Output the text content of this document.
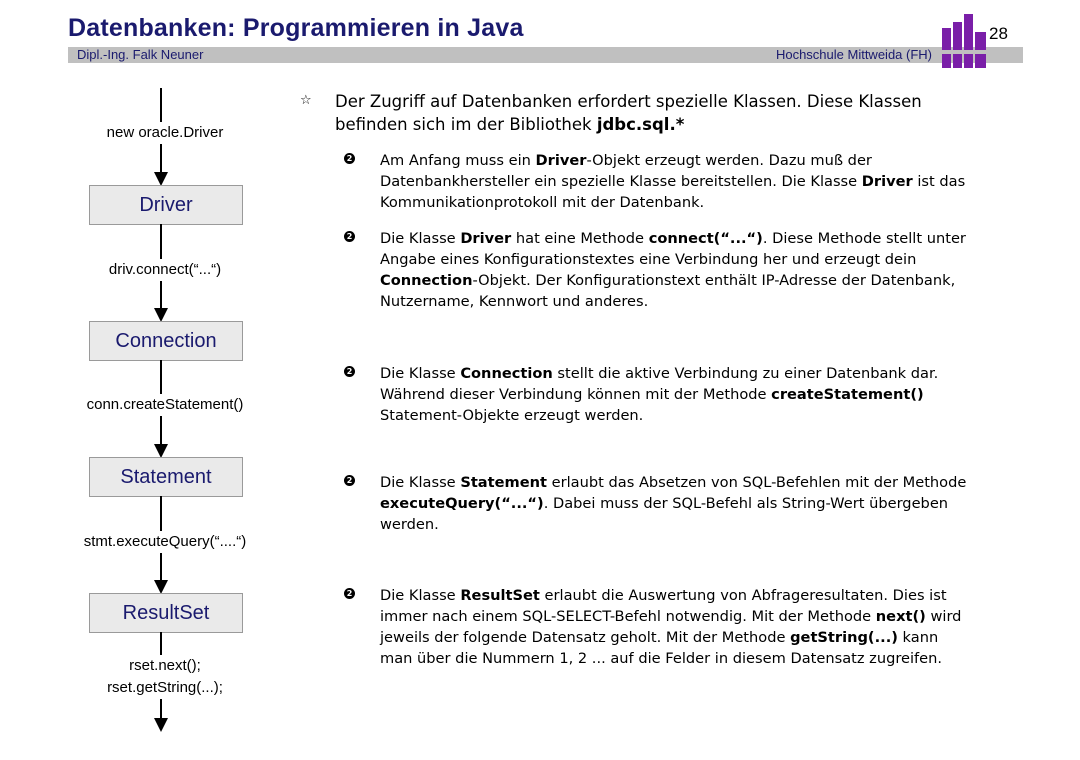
Datenbanken: Programmieren in Java	28
Dipl.-Ing. Falk Neuner	Hochschule Mittweida (FH)
new oracle.Driver
Driver
driv.connect(“...“)
Connection
conn.createStatement()
Statement
stmt.executeQuery(“....“)
ResultSet
rset.next();
rset.getString(...);
☆ Der Zugriff auf Datenbanken erfordert spezielle Klassen. Diese Klassen befinden sich im der Bibliothek jdbc.sql.*
2 Am Anfang muss ein Driver-Objekt erzeugt werden. Dazu muß der Datenbankhersteller ein spezielle Klasse bereitstellen. Die Klasse Driver ist das Kommunikationprotokoll mit der Datenbank.
2 Die Klasse Driver hat eine Methode connect(“...“). Diese Methode stellt unter Angabe eines Konfigurationstextes eine Verbindung her und erzeugt dein Connection-Objekt. Der Konfigurationstext enthält IP-Adresse der Datenbank, Nutzername, Kennwort und anderes.
2 Die Klasse Connection stellt die aktive Verbindung zu einer Datenbank dar. Während dieser Verbindung können mit der Methode createStatement() Statement-Objekte erzeugt werden.
2 Die Klasse Statement erlaubt das Absetzen von SQL-Befehlen mit der Methode executeQuery(“...“). Dabei muss der SQL-Befehl als String-Wert übergeben werden.
2 Die Klasse ResultSet erlaubt die Auswertung von Abfrageresultaten. Dies ist immer nach einem SQL-SELECT-Befehl notwendig. Mit der Methode next() wird jeweils der folgende Datensatz geholt. Mit der Methode getString(...) kann man über die Nummern 1, 2 ... auf die Felder in diesem Datensatz zugreifen.
